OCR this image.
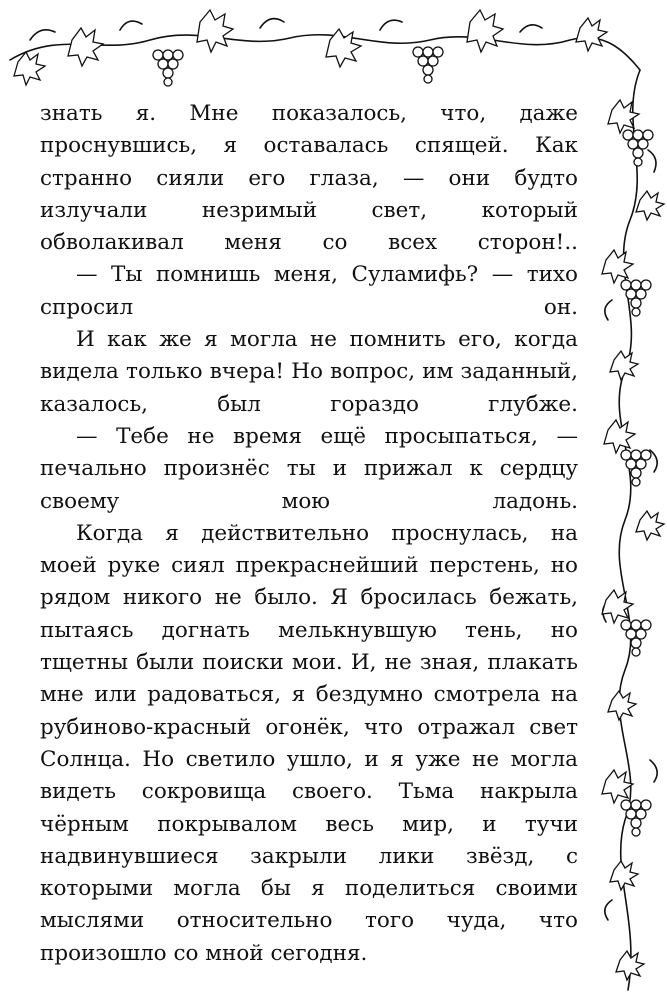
знать я. Мне показалось, что, даже проснувшись, я оставалась спящей. Как странно сияли его глаза, — они будто излучали незримый свет, который обволакивал меня со всех сторон!..

— Ты помнишь меня, Суламифь? — тихо спросил он.

И как же я могла не помнить его, когда видела только вчера! Но вопрос, им заданный, казалось, был гораздо глубже.

— Тебе не время ещё просыпаться, — печально произнёс ты и прижал к сердцу своему мою ладонь.

Когда я действительно проснулась, на моей руке сиял прекраснейший перстень, но рядом никого не было. Я бросилась бежать, пытаясь догнать мелькнувшую тень, но тщетны были поиски мои. И, не зная, плакать мне или радоваться, я бездумно смотрела на рубиново-красный огонёк, что отражал свет Солнца. Но светило ушло, и я уже не могла видеть сокровища своего. Тьма накрыла чёрным покрывалом весь мир, и тучи надвинувшиеся закрыли лики звёзд, с которыми могла бы я поделиться своими мыслями относительно того чуда, что произошло со мной сегодня.
